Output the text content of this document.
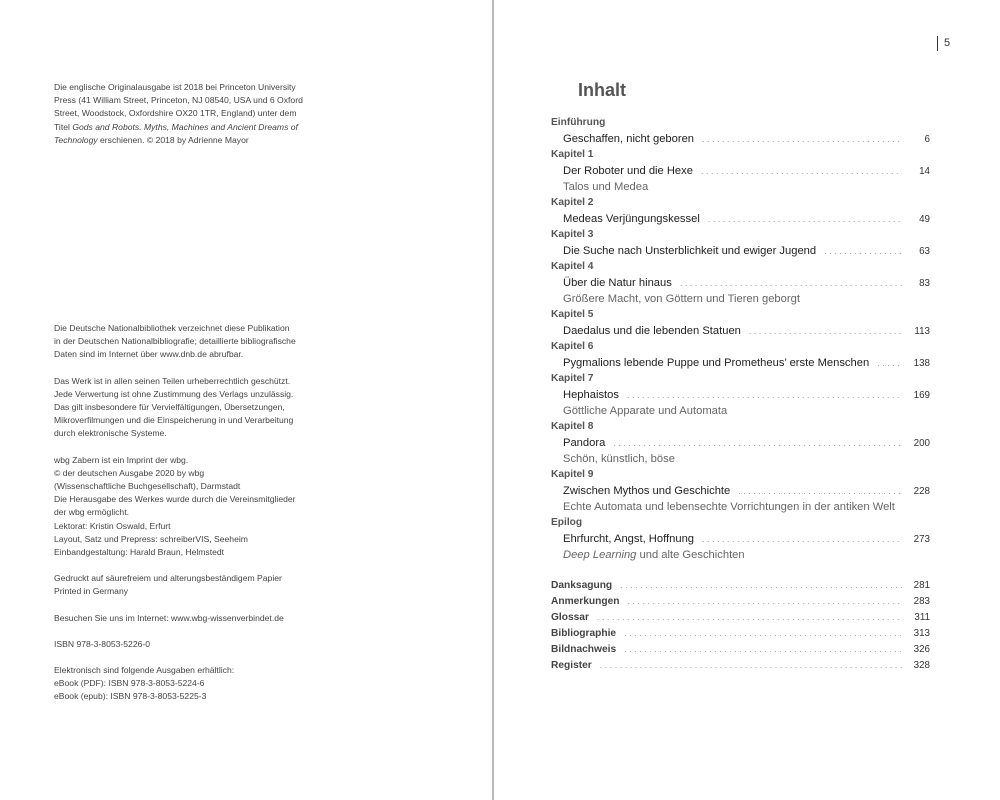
Die englische Originalausgabe ist 2018 bei Princeton University

Press (41 William Street, Princeton, NJ 08540, USA und 6 Oxford

Street, Woodstock, Oxfordshire OX20 1TR, England) unter dem

Titel Gods and Robots. Myths, Machines and Ancient Dreams of

Technology erschienen. © 2018 by Adrienne Mayor

Die Deutsche Nationalbibliothek verzeichnet diese Publikation

in der Deutschen Nationalbibliografie; detaillierte bibliografische

Daten sind im Internet über www.dnb.de abrufbar.

Das Werk ist in allen seinen Teilen urheberrechtlich geschützt.

Jede Verwertung ist ohne Zustimmung des Verlags unzulässig.

Das gilt insbesondere für Vervielfältigungen, Übersetzungen,

Mikroverfilmungen und die Einspeicherung in und Verarbeitung

durch elektronische Systeme.

wbg Zabern ist ein Imprint der wbg.

© der deutschen Ausgabe 2020 by wbg

(Wissenschaftliche Buchgesellschaft), Darmstadt

Die Herausgabe des Werkes wurde durch die Vereinsmitglieder

der wbg ermöglicht.

Lektorat: Kristin Oswald, Erfurt

Layout, Satz und Prepress: schreiberVIS, Seeheim

Einbandgestaltung: Harald Braun, Helmstedt

Gedruckt auf säurefreiem und alterungsbeständigem Papier

Printed in Germany

Besuchen Sie uns im Internet: www.wbg-wissenverbindet.de

ISBN 978-3-8053-5226-0

Elektronisch sind folgende Ausgaben erhältlich:

eBook (PDF): ISBN 978-3-8053-5224-6

eBook (epub): ISBN 978-3-8053-5225-3

5
Inhalt
Einführung
Geschaffen, nicht geboren . . .	6
Kapitel 1
Der Roboter und die Hexe . . .	14
Talos und Medea
Kapitel 2
Medeas Verjüngungskessel . . .	49
Kapitel 3
Die Suche nach Unsterblichkeit und ewiger Jugend . . .	63
Kapitel 4
Über die Natur hinaus . . .	83
Größere Macht, von Göttern und Tieren geborgt
Kapitel 5
Daedalus und die lebenden Statuen . . .	113
Kapitel 6
Pygmalions lebende Puppe und Prometheus’ erste Menschen . . .	138
Kapitel 7
Hephaistos . . .	169
Göttliche Apparate und Automata
Kapitel 8
Pandora . . .	200
Schön, künstlich, böse
Kapitel 9
Zwischen Mythos und Geschichte . . .	228
Echte Automata und lebensechte Vorrichtungen in der antiken Welt
Epilog
Ehrfurcht, Angst, Hoffnung . . .	273
Deep Learning und alte Geschichten
Danksagung . . .	281
Anmerkungen . . .	283
Glossar . . .	311
Bibliographie . . .	313
Bildnachweis . . .	326
Register . . .	328
